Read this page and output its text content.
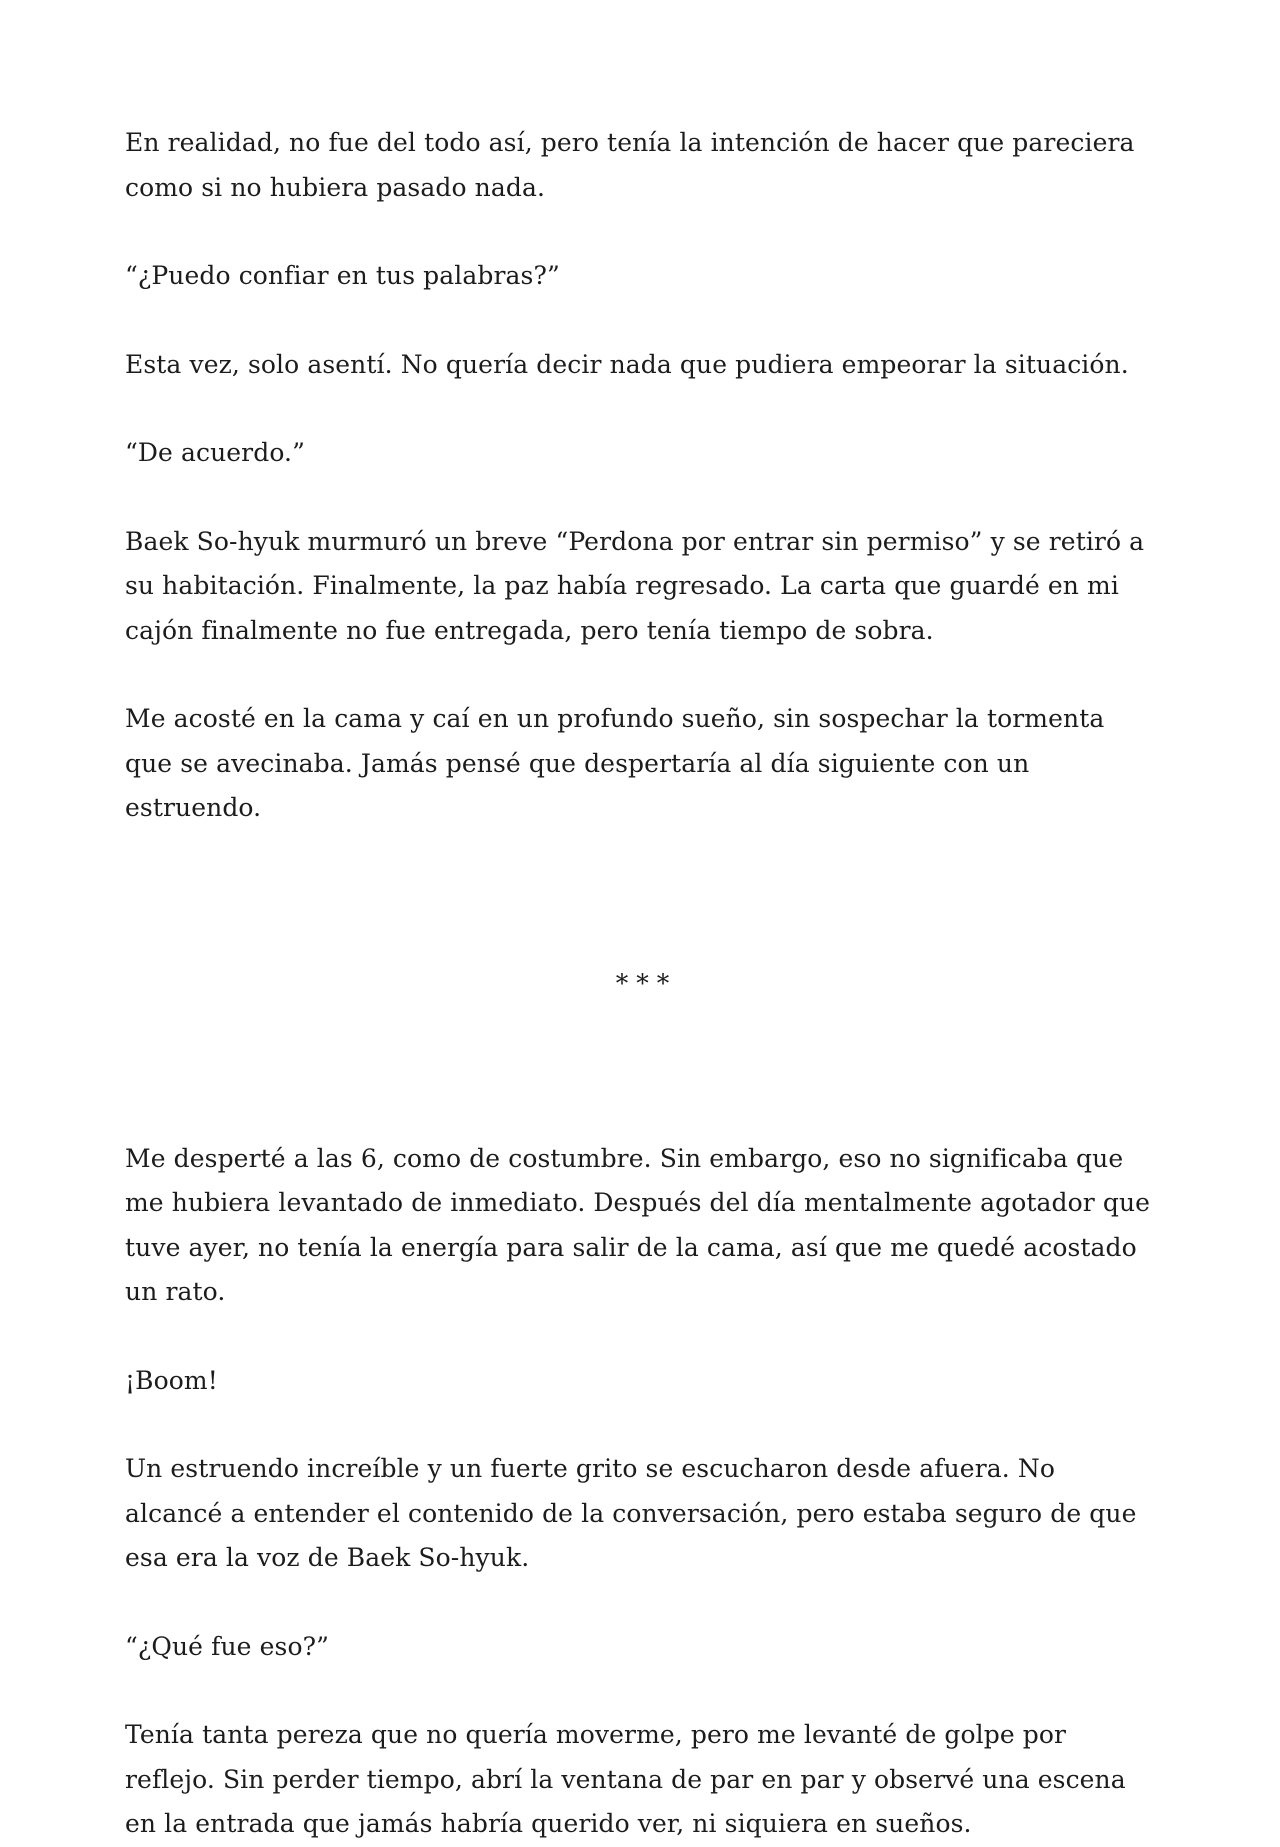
En realidad, no fue del todo así, pero tenía la intención de hacer que pareciera como si no hubiera pasado nada.

“¿Puedo confiar en tus palabras?”

Esta vez, solo asentí. No quería decir nada que pudiera empeorar la situación.

“De acuerdo.”

Baek So-hyuk murmuró un breve “Perdona por entrar sin permiso” y se retiró a su habitación. Finalmente, la paz había regresado. La carta que guardé en mi cajón finalmente no fue entregada, pero tenía tiempo de sobra.

Me acosté en la cama y caí en un profundo sueño, sin sospechar la tormenta que se avecinaba. Jamás pensé que despertaría al día siguiente con un estruendo.

* * *

Me desperté a las 6, como de costumbre. Sin embargo, eso no significaba que me hubiera levantado de inmediato. Después del día mentalmente agotador que tuve ayer, no tenía la energía para salir de la cama, así que me quedé acostado un rato.

¡Boom!

Un estruendo increíble y un fuerte grito se escucharon desde afuera. No alcancé a entender el contenido de la conversación, pero estaba seguro de que esa era la voz de Baek So-hyuk.

“¿Qué fue eso?”

Tenía tanta pereza que no quería moverme, pero me levanté de golpe por reflejo. Sin perder tiempo, abrí la ventana de par en par y observé una escena en la entrada que jamás habría querido ver, ni siquiera en sueños.
